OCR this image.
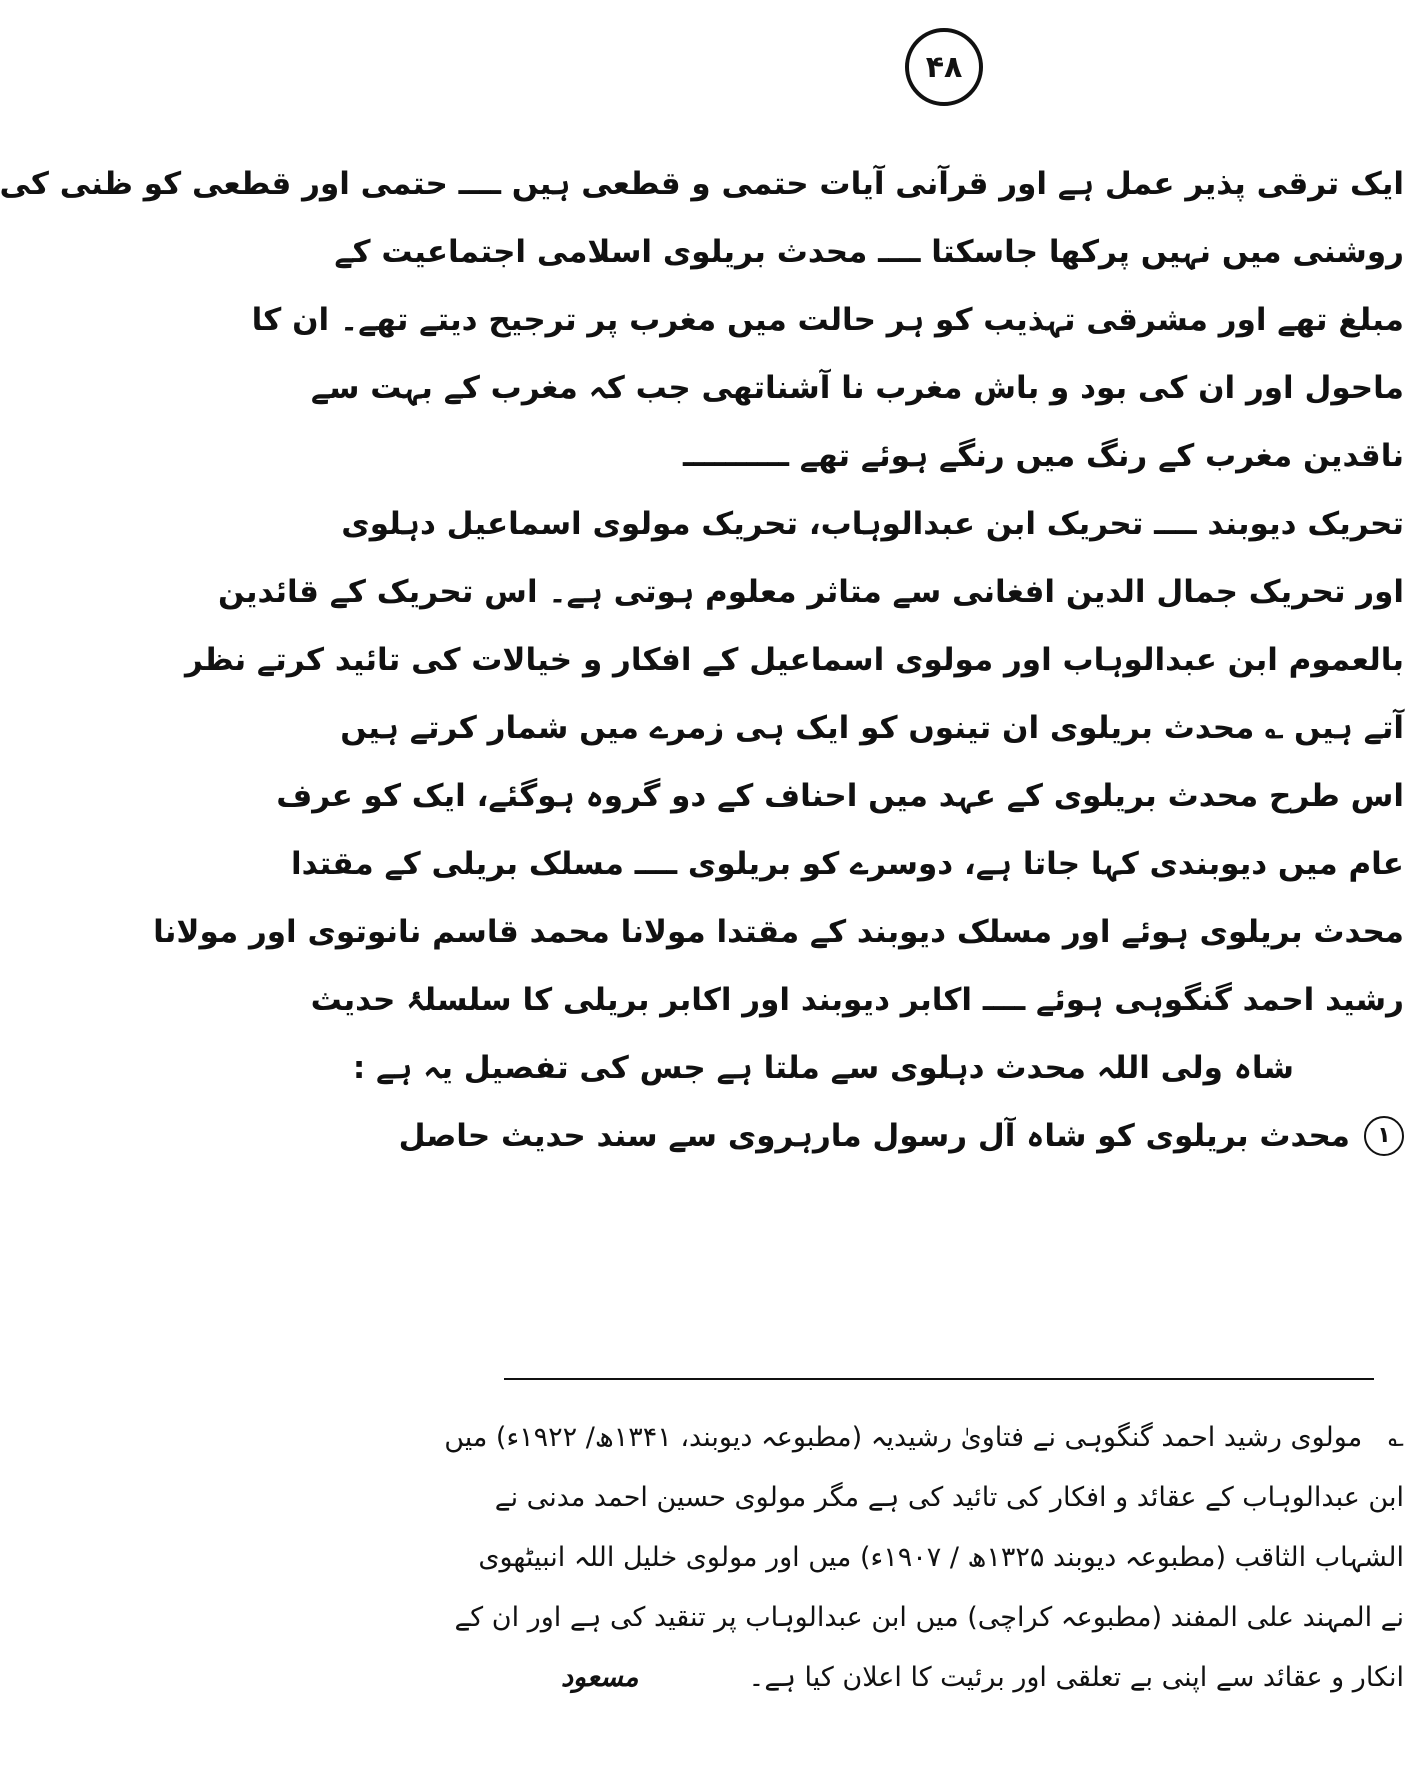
۴۸
ایک ترقی پذیر عمل ہے اور قرآنی آیات حتمی و قطعی ہیں ــــ حتمی اور قطعی کو ظنی کی
روشنی میں نہیں پرکھا جاسکتا ــــ محدث بریلوی اسلامی اجتماعیت کے
مبلغ تھے اور مشرقی تہذیب کو ہر حالت میں مغرب پر ترجیح دیتے تھے۔ ان کا
ماحول اور ان کی بود و باش مغرب نا آشناتھی جب کہ مغرب کے بہت سے
ناقدین مغرب کے رنگ میں رنگے ہوئے تھے ــــــــــ
تحریک دیوبند ــــ تحریک ابن عبدالوہاب، تحریک مولوی اسماعیل دہلوی
اور تحریک جمال الدین افغانی سے متاثر معلوم ہوتی ہے۔ اس تحریک کے قائدین
بالعموم ابن عبدالوہاب اور مولوی اسماعیل کے افکار و خیالات کی تائید کرتے نظر
آتے ہیں ؎ محدث بریلوی ان تینوں کو ایک ہی زمرے میں شمار کرتے ہیں
اس طرح محدث بریلوی کے عہد میں احناف کے دو گروہ ہوگئے، ایک کو عرف
عام میں دیوبندی کہا جاتا ہے، دوسرے کو بریلوی ــــ مسلک بریلی کے مقتدا
محدث بریلوی ہوئے اور مسلک دیوبند کے مقتدا مولانا محمد قاسم نانوتوی اور مولانا
رشید احمد گنگوہی ہوئے ــــ اکابر دیوبند اور اکابر بریلی کا سلسلۂ حدیث
شاہ ولی اللہ محدث دہلوی سے ملتا ہے جس کی تفصیل یہ ہے :
۱
محدث بریلوی کو شاہ آل رسول مارہروی سے سند حدیث حاصل
؎مولوی رشید احمد گنگوہی نے فتاویٰ رشیدیہ (مطبوعہ دیوبند، ۱۳۴۱ھ/ ۱۹۲۲ء) میں
ابن عبدالوہاب کے عقائد و افکار کی تائید کی ہے مگر مولوی حسین احمد مدنی نے
الشہاب الثاقب (مطبوعہ دیوبند ۱۳۲۵ھ / ۱۹۰۷ء) میں اور مولوی خلیل اللہ انبیٹھوی
نے المہند علی المفند (مطبوعہ کراچی) میں ابن عبدالوہاب پر تنقید کی ہے اور ان کے
انکار و عقائد سے اپنی بے تعلقی اور برئیت کا اعلان کیا ہے۔
مسعود
